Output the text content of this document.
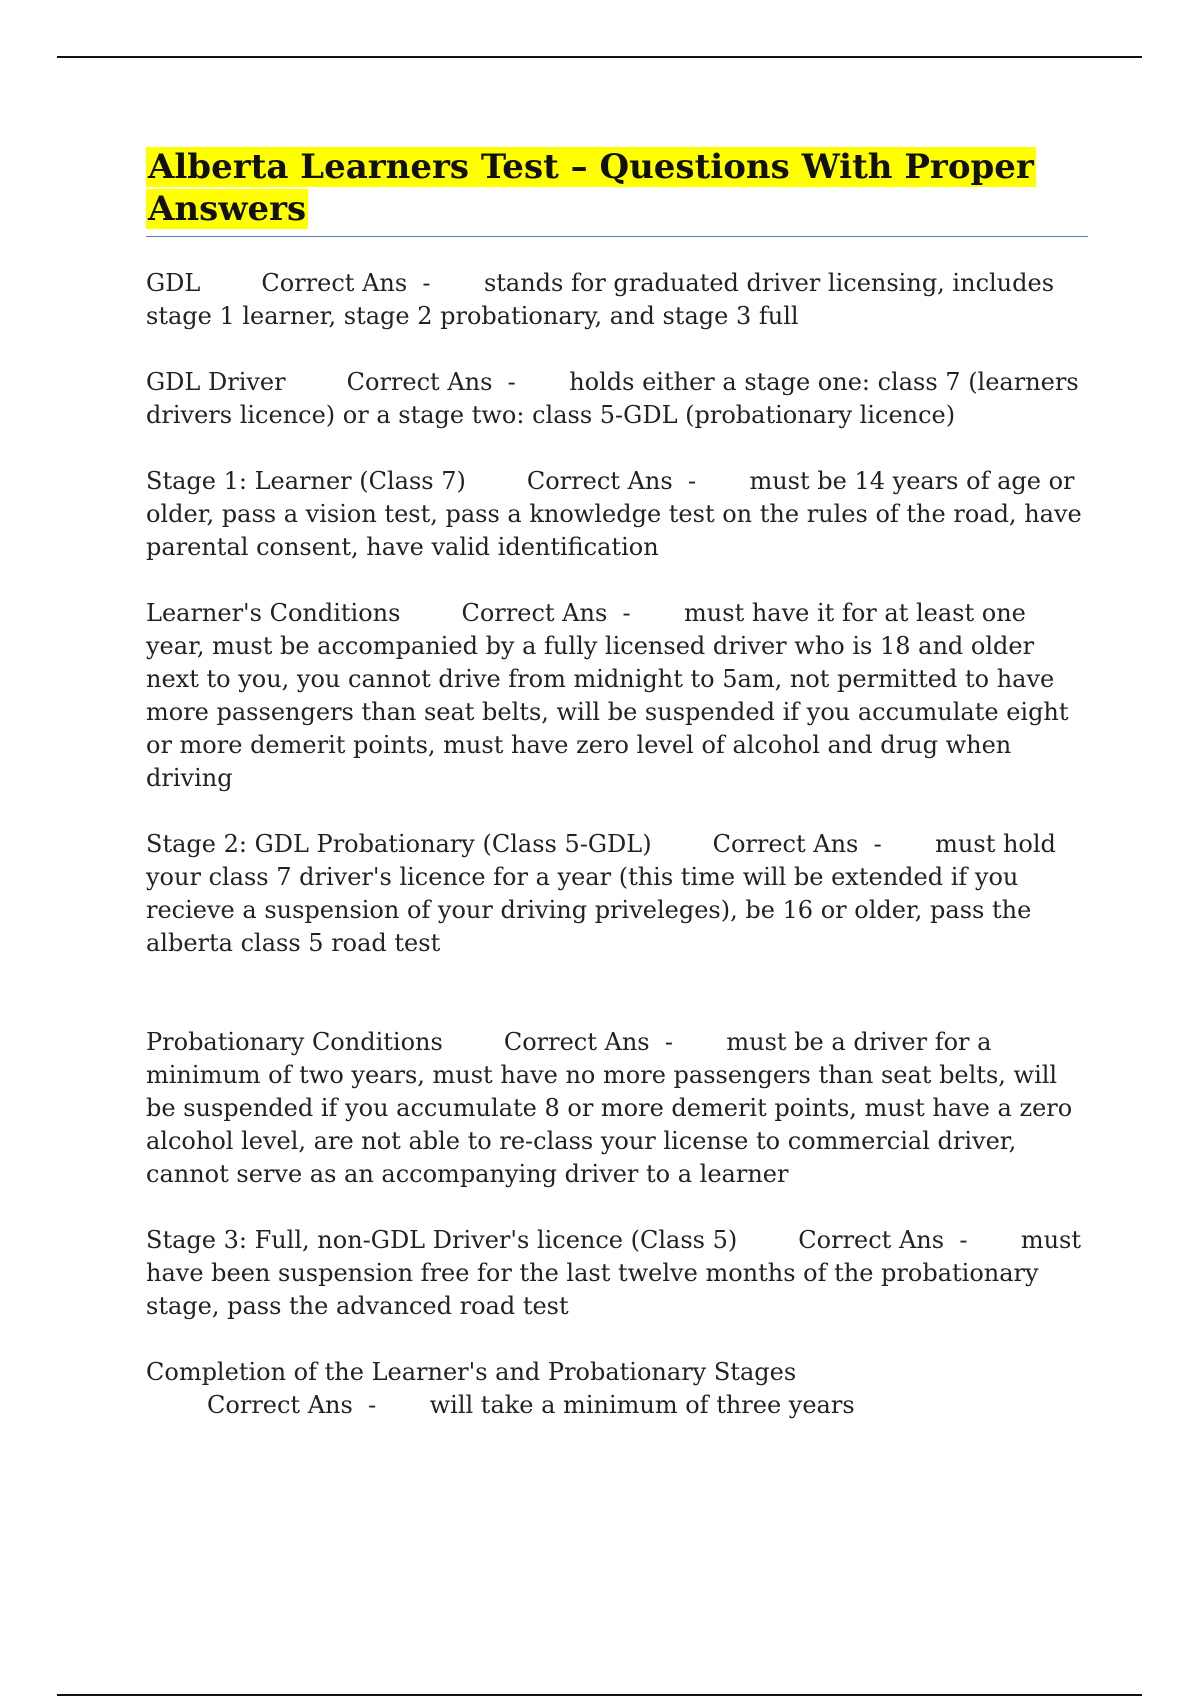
Alberta Learners Test – Questions With Proper Answers

GDL        Correct Ans  -       stands for graduated driver licensing, includes stage 1 learner, stage 2 probationary, and stage 3 full

GDL Driver        Correct Ans  -       holds either a stage one: class 7 (learners drivers licence) or a stage two: class 5-GDL (probationary licence)

Stage 1: Learner (Class 7)        Correct Ans  -       must be 14 years of age or older, pass a vision test, pass a knowledge test on the rules of the road, have parental consent, have valid identification

Learner's Conditions        Correct Ans  -       must have it for at least one year, must be accompanied by a fully licensed driver who is 18 and older next to you, you cannot drive from midnight to 5am, not permitted to have more passengers than seat belts, will be suspended if you accumulate eight or more demerit points, must have zero level of alcohol and drug when driving

Stage 2: GDL Probationary (Class 5-GDL)        Correct Ans  -       must hold your class 7 driver's licence for a year (this time will be extended if you recieve a suspension of your driving priveleges), be 16 or older, pass the alberta class 5 road test

Probationary Conditions        Correct Ans  -       must be a driver for a minimum of two years, must have no more passengers than seat belts, will be suspended if you accumulate 8 or more demerit points, must have a zero alcohol level, are not able to re-class your license to commercial driver, cannot serve as an accompanying driver to a learner

Stage 3: Full, non-GDL Driver's licence (Class 5)        Correct Ans  -       must have been suspension free for the last twelve months of the probationary stage, pass the advanced road test

Completion of the Learner's and Probationary Stages        Correct Ans  -       will take a minimum of three years
